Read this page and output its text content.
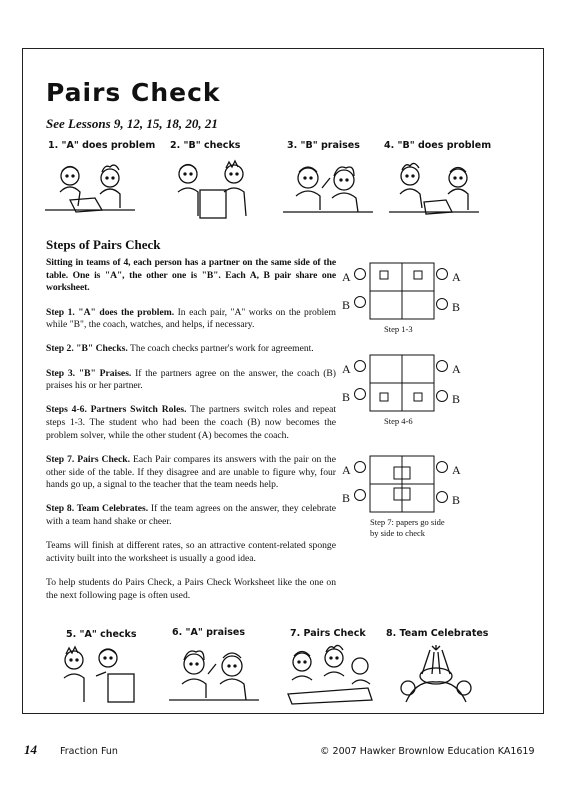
Pairs Check
See Lessons 9, 12, 15, 18, 20, 21
1. "A" does problem 2. "B" checks	3. "B" praises	4. "B" does problem
Steps of Pairs Check

Sitting in teams of 4, each person has a partner on the same side of the table. One is "A", the other one is "B". Each A, B pair share one worksheet.

Step 1. "A" does the problem. In each pair, "A" works on the problem while "B", the coach, watches, and helps, if necessary.

Step 2. "B" Checks. The coach checks partner's work for agreement.

Step 3. "B" Praises. If the partners agree on the answer, the coach (B) praises his or her partner.

Steps 4-6. Partners Switch Roles. The partners switch roles and repeat steps 1-3. The student who had been the coach (B) now becomes the problem solver, while the other student (A) becomes the coach.

Step 7. Pairs Check. Each Pair compares its answers with the pair on the other side of the table. If they disagree and are unable to figure why, four hands go up, a signal to the teacher that the team needs help.

Step 8. Team Celebrates. If the team agrees on the answer, they celebrate with a team hand shake or cheer.

Teams will finish at different rates, so an attractive content-related sponge activity built into the worksheet is usually a good idea.

To help students do Pairs Check, a Pairs Check Worksheet like the one on the next following page is often used.

A
B
A
B
Step 1-3
A
B
A
B
Step 4-6
A
B
A
B
Step 7: papers go side by side to check
5. "A" checks	6. "A" praises	7. Pairs Check 8. Team Celebrates
14 Fraction Fun	© 2007 Hawker Brownlow Education KA1619
